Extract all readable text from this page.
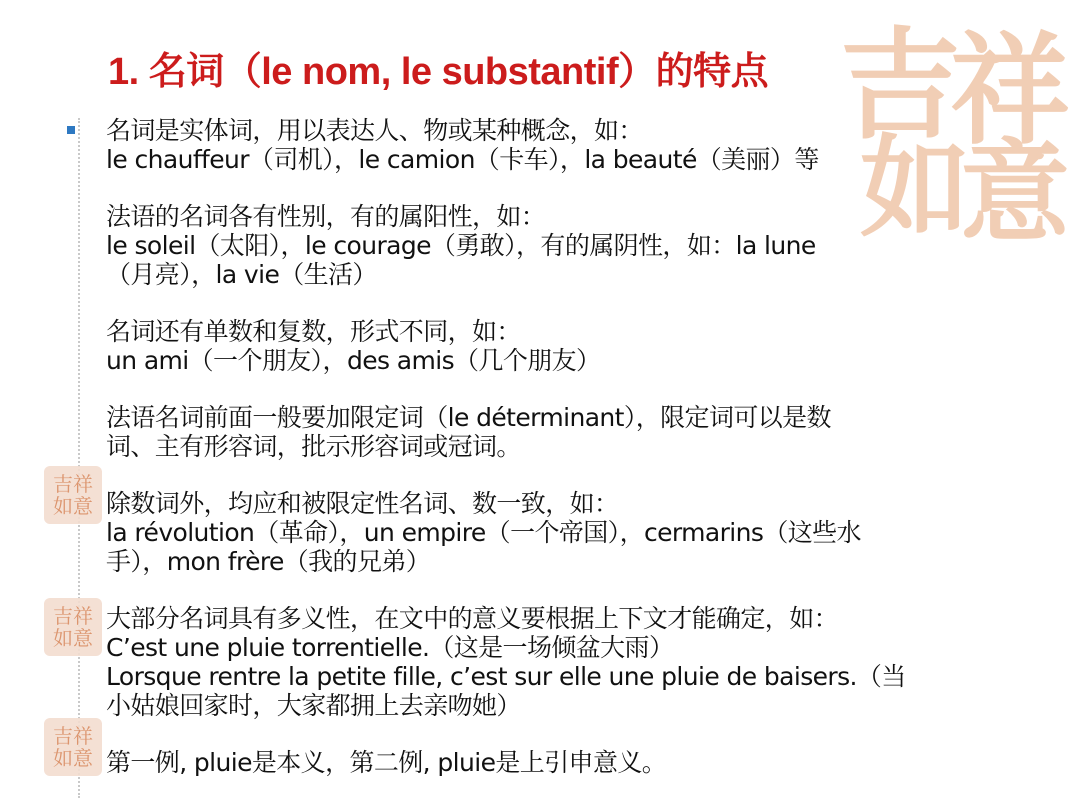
吉
祥
如
意
吉祥如意
吉祥如意
吉祥如意
1. 名词（le nom, le substantif）的特点

名词是实体词，用以表达人、物或某种概念，如：
le chauffeur（司机），le camion（卡车），la beauté（美丽）等

法语的名词各有性别，有的属阳性，如：
le soleil（太阳），le courage（勇敢），有的属阴性，如：la lune
（月亮），la vie（生活）

名词还有单数和复数，形式不同，如：
un ami（一个朋友），des amis（几个朋友）

法语名词前面一般要加限定词（le déterminant），限定词可以是数
词、主有形容词，批示形容词或冠词。

除数词外，均应和被限定性名词、数一致，如：
la révolution（革命），un empire（一个帝国），cermarins（这些水
手），mon frère（我的兄弟）

大部分名词具有多义性，在文中的意义要根据上下文才能确定，如：
C’est une pluie torrentielle.（这是一场倾盆大雨）
Lorsque rentre la petite fille, c’est sur elle une pluie de baisers.（当
小姑娘回家时，大家都拥上去亲吻她）

第一例, pluie是本义，第二例, pluie是上引申意义。
